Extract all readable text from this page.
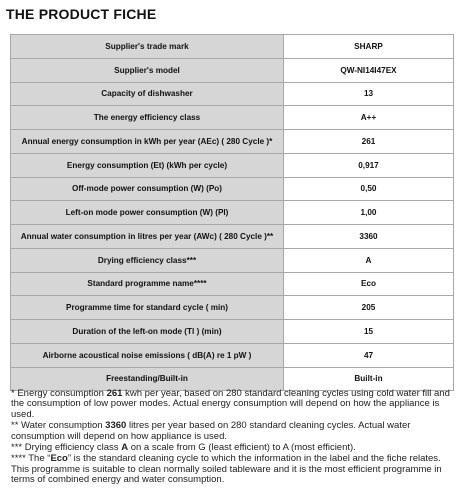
THE PRODUCT FICHE
Supplier's trade mark	SHARP
Supplier's model	QW-NI14I47EX
Capacity of dishwasher	13
The energy efficiency class	A++
Annual energy consumption in kWh per year (AEc) ( 280 Cycle )*	261
Energy consumption (Et) (kWh per cycle)	0,917
Off-mode power consumption (W) (Po)	0,50
Left-on mode power consumption (W) (Pl)	1,00
Annual water consumption in litres per year (AWc) ( 280 Cycle )**	3360
Drying efficiency class***	A
Standard programme name****	Eco
Programme time for standard cycle ( min)	205
Duration of the left-on mode (Tl ) (min)	15
Airborne acoustical noise emissions ( dB(A) re 1 pW )	47
Freestanding/Built-in	Built-in

* Energy consumption 261 kwh per year, based on 280 standard cleaning cycles using cold water fill and the consumption of low power modes. Actual energy consumption will depend on how the appliance is used.

** Water consumption 3360 litres per year based on 280 standard cleaning cycles. Actual water consumption will depend on how appliance is used.

*** Drying efficiency class A on a scale from G (least efficient) to A (most efficient).

**** The “Eco” is the standard cleaning cycle to which the information in the label and the fiche relates. This programme is suitable to clean normally soiled tableware and it is the most efficient programme in terms of combined energy and water consumption.
